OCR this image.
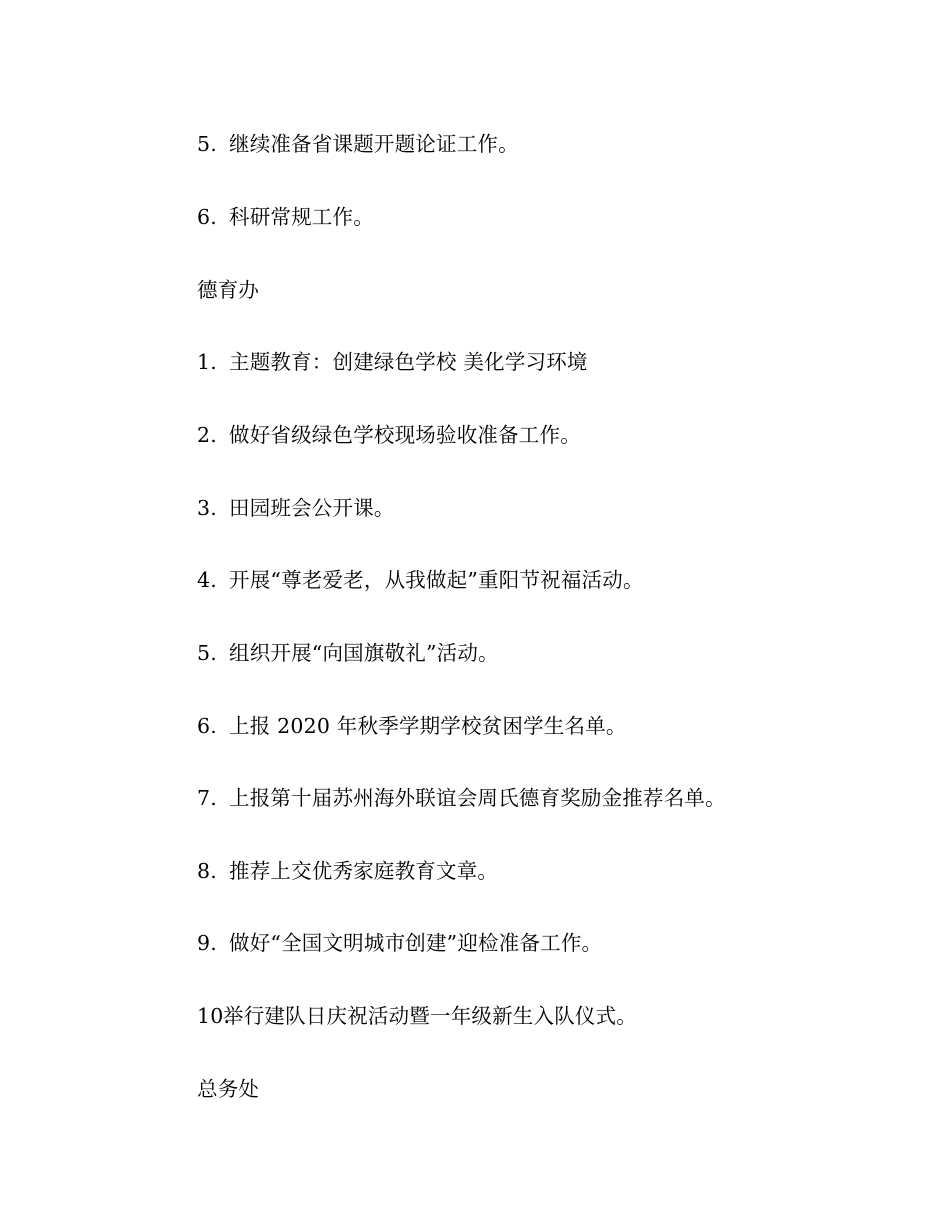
5. 继续准备省课题开题论证工作。
6. 科研常规工作。
德育办
1. 主题教育：创建绿色学校 美化学习环境
2. 做好省级绿色学校现场验收准备工作。
3. 田园班会公开课。
4. 开展“尊老爱老，从我做起”重阳节祝福活动。
5. 组织开展“向国旗敬礼”活动。
6. 上报 2020 年秋季学期学校贫困学生名单。
7. 上报第十届苏州海外联谊会周氏德育奖励金推荐名单。
8. 推荐上交优秀家庭教育文章。
9. 做好“全国文明城市创建”迎检准备工作。
10.举行建队日庆祝活动暨一年级新生入队仪式。
总务处
